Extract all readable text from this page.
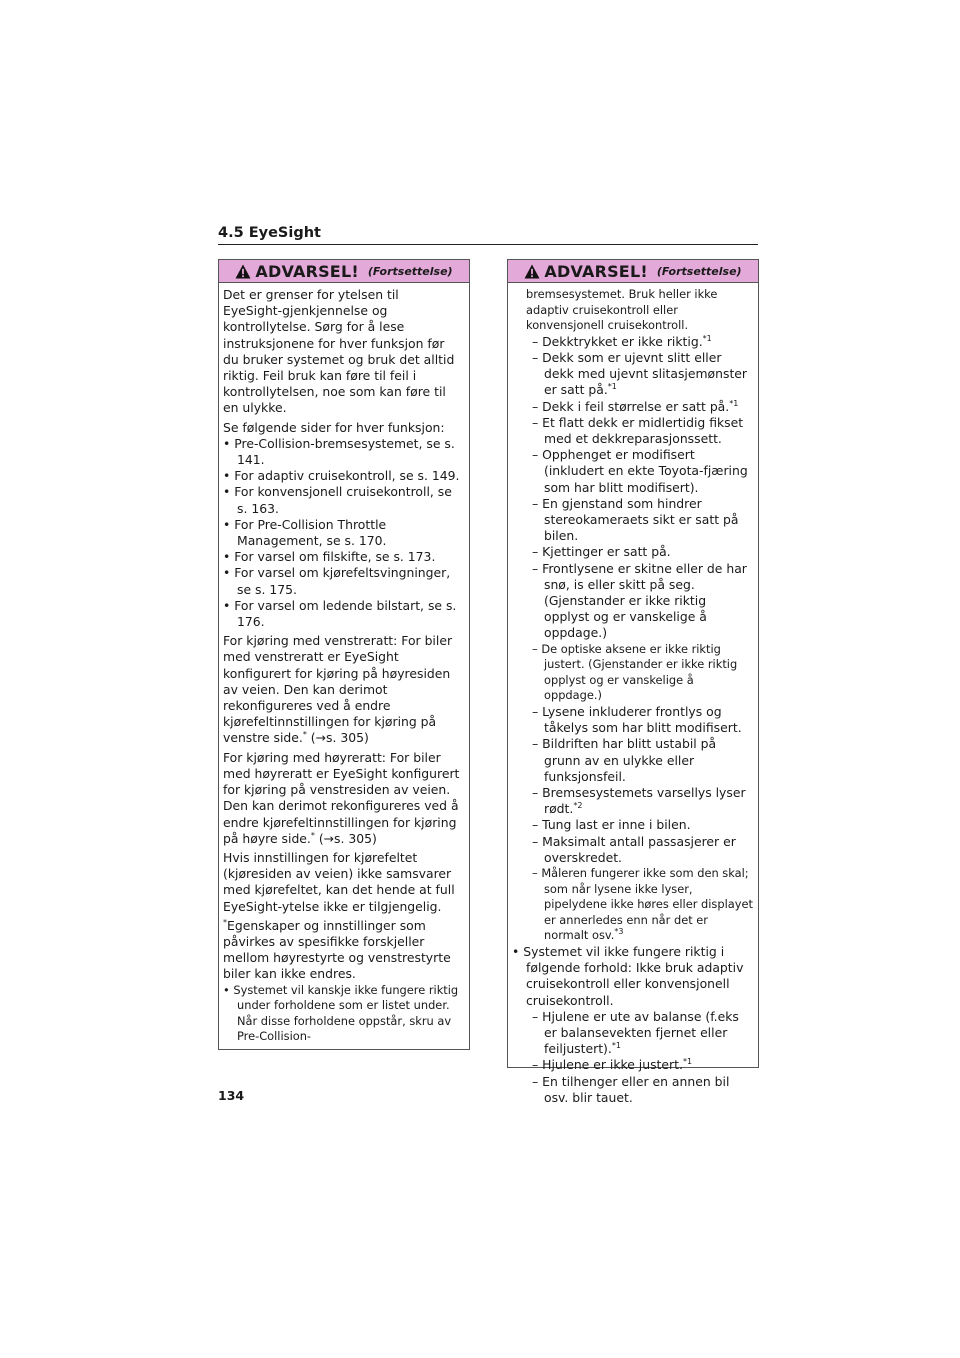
4.5 EyeSight
ADVARSEL! (Fortsettelse)

Det er grenser for ytelsen til EyeSight-gjenkjennelse og kontrollytelse. Sørg for å lese instruksjonene for hver funksjon før du bruker systemet og bruk det alltid riktig. Feil bruk kan føre til feil i kontrollytelsen, noe som kan føre til en ulykke.

Se følgende sider for hver funksjon:

• Pre-Collision-bremsesystemet, se s. 141.
• For adaptiv cruisekontroll, se s. 149.
• For konvensjonell cruisekontroll, se s. 163.
• For Pre-Collision Throttle Management, se s. 170.
• For varsel om filskifte, se s. 173.
• For varsel om kjørefeltsvingninger, se s. 175.
• For varsel om ledende bilstart, se s. 176.

For kjøring med venstreratt: For biler med venstreratt er EyeSight konfigurert for kjøring på høyresiden av veien. Den kan derimot rekonfigureres ved å endre kjørefeltinnstillingen for kjøring på venstre side.* (→s. 305)

For kjøring med høyreratt: For biler med høyreratt er EyeSight konfigurert for kjøring på venstresiden av veien. Den kan derimot rekonfigureres ved å endre kjørefeltinnstillingen for kjøring på høyre side.* (→s. 305)

Hvis innstillingen for kjørefeltet (kjøresiden av veien) ikke samsvarer med kjørefeltet, kan det hende at full EyeSight-ytelse ikke er tilgjengelig.

*Egenskaper og innstillinger som påvirkes av spesifikke forskjeller mellom høyrestyrte og venstrestyrte biler kan ikke endres.

• Systemet vil kanskje ikke fungere riktig under forholdene som er listet under. Når disse forholdene oppstår, skru av Pre-Collision-
ADVARSEL! (Fortsettelse)
bremsesystemet. Bruk heller ikke adaptiv cruisekontroll eller konvensjonell cruisekontroll.
– Dekktrykket er ikke riktig.$^{*1}$
– Dekk som er ujevnt slitt eller dekk med ujevnt slitasjemønster er satt på.$^{*1}$
– Dekk i feil størrelse er satt på.$^{*1}$
– Et flatt dekk er midlertidig fikset med et dekkreparasjonssett.
– Opphenget er modifisert (inkludert en ekte Toyota-fjæring som har blitt modifisert).
– En gjenstand som hindrer stereokameraets sikt er satt på bilen.
– Kjettinger er satt på.
– Frontlysene er skitne eller de har snø, is eller skitt på seg. (Gjenstander er ikke riktig opplyst og er vanskelige å oppdage.)
– De optiske aksene er ikke riktig justert. (Gjenstander er ikke riktig opplyst og er vanskelige å oppdage.)
– Lysene inkluderer frontlys og tåkelys som har blitt modifisert.
– Bildriften har blitt ustabil på grunn av en ulykke eller funksjonsfeil.
– Bremsesystemets varsellys lyser rødt.$^{*2}$
– Tung last er inne i bilen.
– Maksimalt antall passasjerer er overskredet.
– Måleren fungerer ikke som den skal; som når lysene ikke lyser, pipelydene ikke høres eller displayet er annerledes enn når det er normalt osv.$^{*3}$
• Systemet vil ikke fungere riktig i følgende forhold: Ikke bruk adaptiv cruisekontroll eller konvensjonell cruisekontroll.
– Hjulene er ute av balanse (f.eks er balansevekten fjernet eller feiljustert).$^{*1}$
– Hjulene er ikke justert.$^{*1}$
– En tilhenger eller en annen bil osv. blir tauet.
134
